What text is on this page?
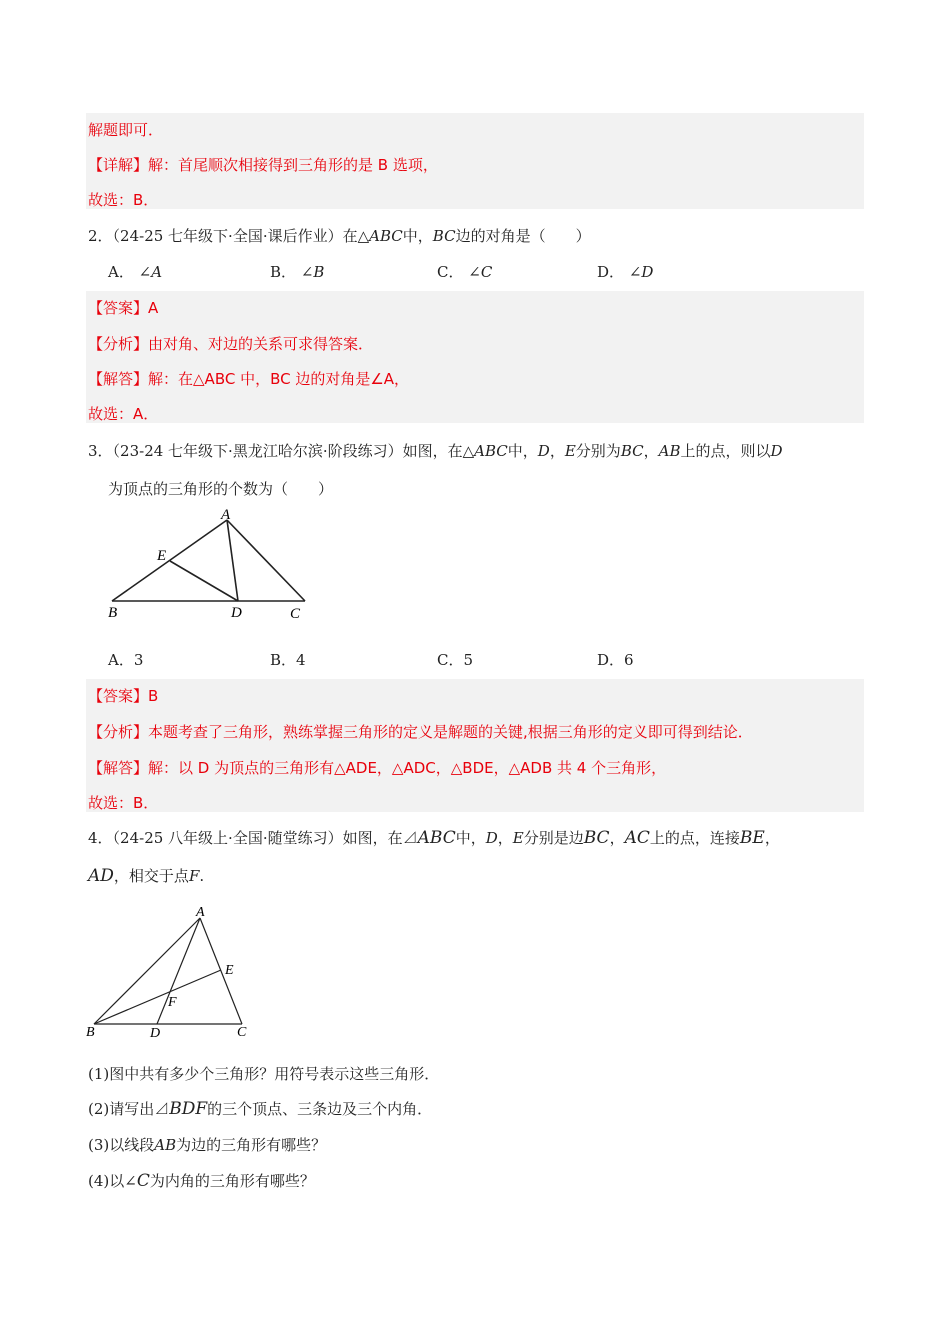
解题即可．
【详解】解：首尾顺次相接得到三角形的是 B 选项，
故选：B．
2．（24-25 七年级下·全国·课后作业）在△ABC中，BC边的对角是（　　）
A． ∠A	B． ∠B	C． ∠C	D． ∠D
【答案】A
【分析】由对角、对边的关系可求得答案．
【解答】解：在△ABC 中，BC 边的对角是∠A，
故选：A．
3．（23-24 七年级下·黑龙江哈尔滨·阶段练习）如图，在△ABC中，D，E分别为BC，AB上的点，则以D
为顶点的三角形的个数为（　　）
A
E
B	D	C
A．3	B．4	C．5	D．6
【答案】B
【分析】本题考查了三角形，熟练掌握三角形的定义是解题的关键,根据三角形的定义即可得到结论．
【解答】解：以 D 为顶点的三角形有△ADE，△ADC，△BDE，△ADB 共 4 个三角形，
故选：B．
4．（24-25 八年级上·全国·随堂练习）如图，在⊿ABC中，D，E分别是边BC，AC上的点，连接BE，
AD，相交于点F.
A
E
F
B	D	C
(1)图中共有多少个三角形？用符号表示这些三角形．
(2)请写出⊿BDF的三个顶点、三条边及三个内角．
(3)以线段AB为边的三角形有哪些？
(4)以∠C为内角的三角形有哪些？
